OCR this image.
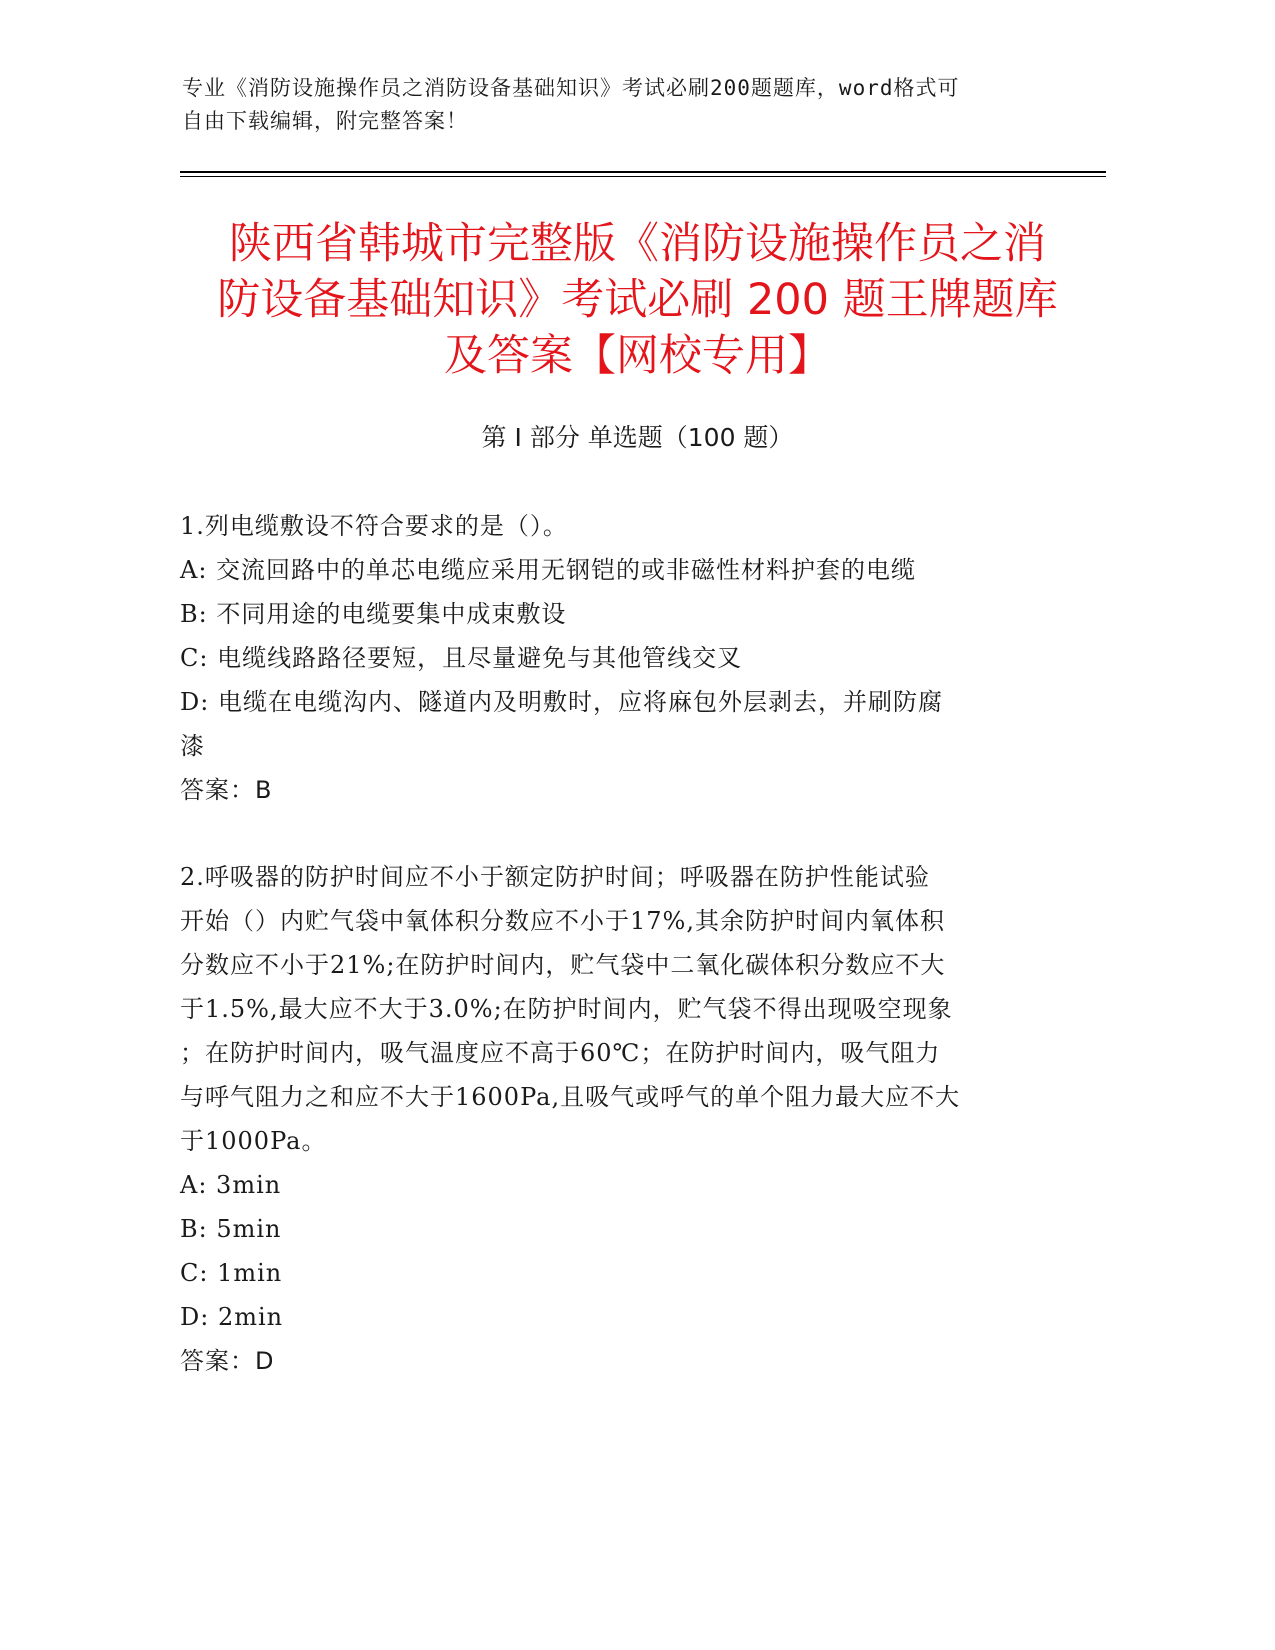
专业《消防设施操作员之消防设备基础知识》考试必刷200题题库，word格式可
自由下载编辑，附完整答案！
陕西省韩城市完整版《消防设施操作员之消
防设备基础知识》考试必刷 200 题王牌题库
及答案【网校专用】
第 I 部分 单选题（100 题）
1.列电缆敷设不符合要求的是（）。
A: 交流回路中的单芯电缆应采用无钢铠的或非磁性材料护套的电缆
B: 不同用途的电缆要集中成束敷设
C: 电缆线路路径要短，且尽量避免与其他管线交叉
D: 电缆在电缆沟内、隧道内及明敷时，应将麻包外层剥去，并刷防腐
漆
答案：B
2.呼吸器的防护时间应不小于额定防护时间；呼吸器在防护性能试验
开始（）内贮气袋中氧体积分数应不小于17%,其余防护时间内氧体积
分数应不小于21%;在防护时间内，贮气袋中二氧化碳体积分数应不大
于1.5%,最大应不大于3.0%;在防护时间内，贮气袋不得出现吸空现象
；在防护时间内，吸气温度应不高于60℃；在防护时间内，吸气阻力
与呼气阻力之和应不大于1600Pa,且吸气或呼气的单个阻力最大应不大
于1000Pa。
A: 3min
B: 5min
C: 1min
D: 2min
答案：D
